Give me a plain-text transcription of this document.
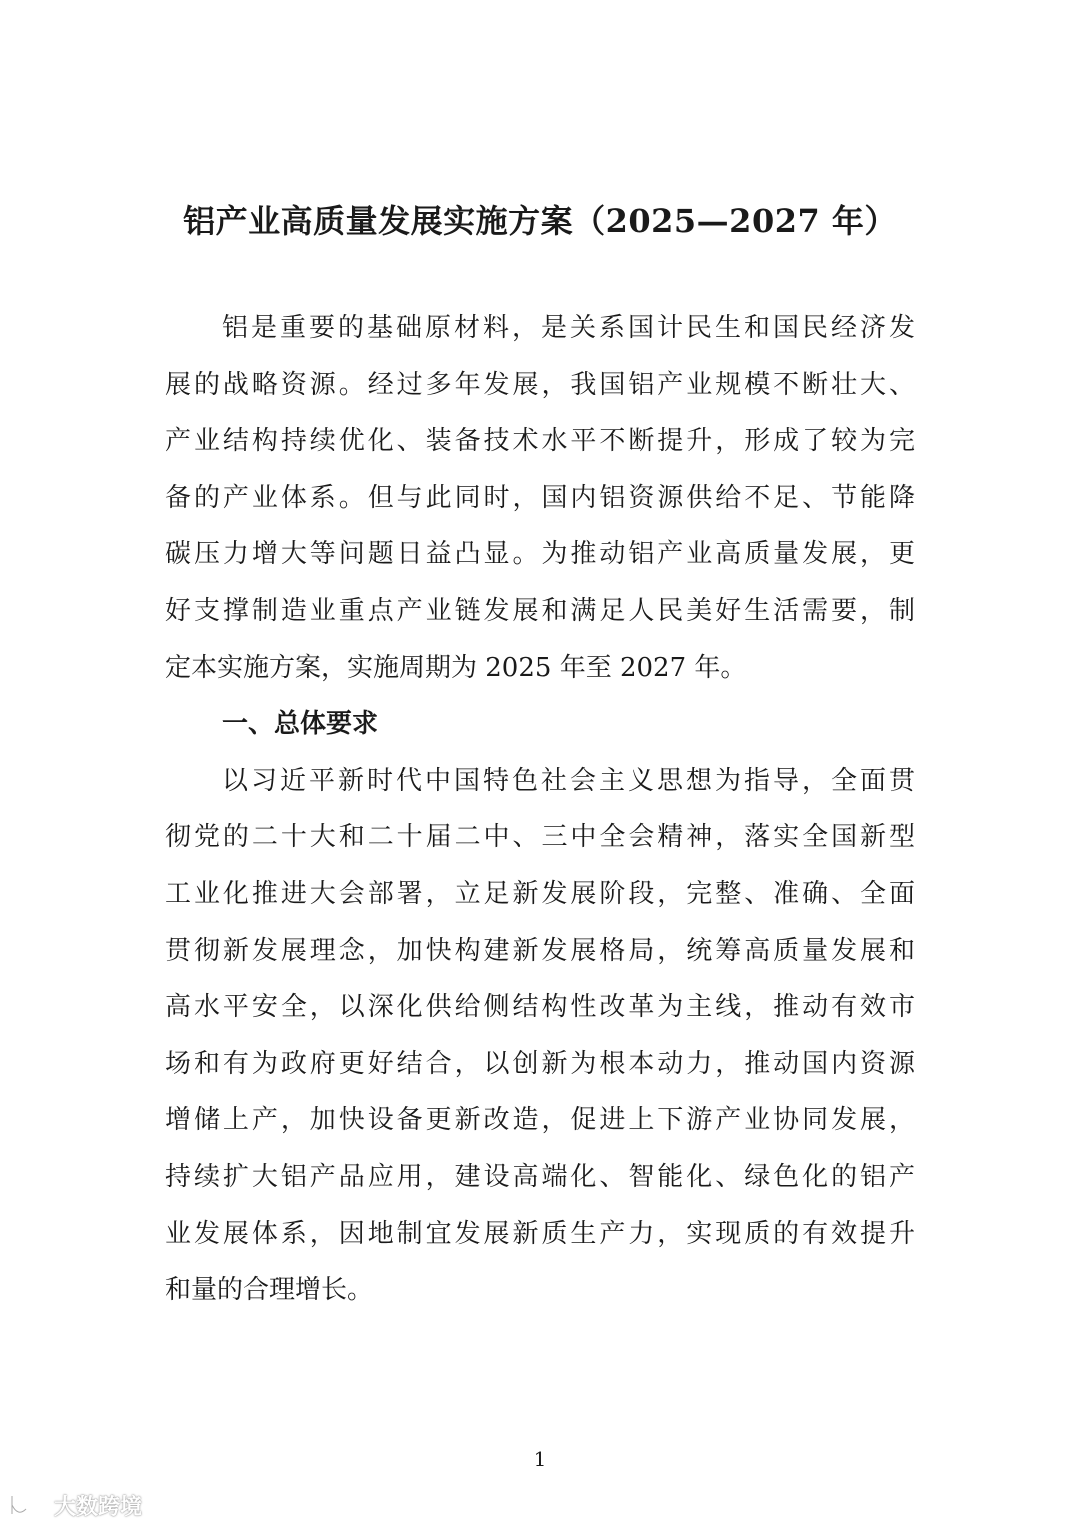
铝产业高质量发展实施方案（2025—2027 年）
铝是重要的基础原材料，是关系国计民生和国民经济发
展的战略资源。经过多年发展，我国铝产业规模不断壮大、
产业结构持续优化、装备技术水平不断提升，形成了较为完
备的产业体系。但与此同时，国内铝资源供给不足、节能降
碳压力增大等问题日益凸显。为推动铝产业高质量发展，更
好支撑制造业重点产业链发展和满足人民美好生活需要，制
定本实施方案，实施周期为 2025 年至 2027 年。
一、总体要求
以习近平新时代中国特色社会主义思想为指导，全面贯
彻党的二十大和二十届二中、三中全会精神，落实全国新型
工业化推进大会部署，立足新发展阶段，完整、准确、全面
贯彻新发展理念，加快构建新发展格局，统筹高质量发展和
高水平安全，以深化供给侧结构性改革为主线，推动有效市
场和有为政府更好结合，以创新为根本动力，推动国内资源
增储上产，加快设备更新改造，促进上下游产业协同发展，
持续扩大铝产品应用，建设高端化、智能化、绿色化的铝产
业发展体系，因地制宜发展新质生产力，实现质的有效提升
和量的合理增长。
1
大数跨境
